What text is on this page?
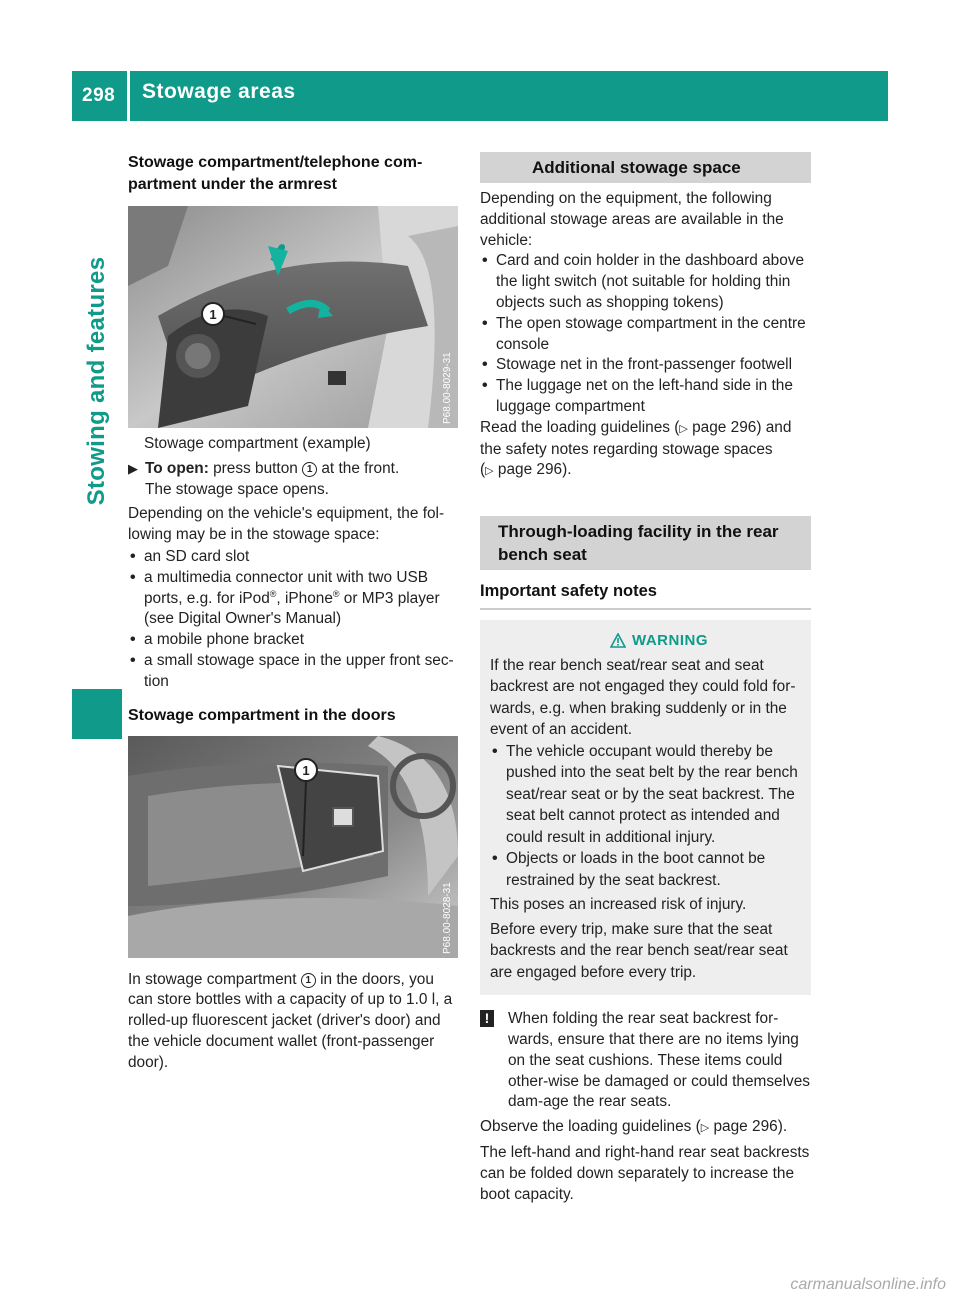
298	Stowage areas
Stowing and features
Stowage compartment/telephone com-
partment under the armrest
1
P68.00-8029-31

Stowage compartment (example)

▶ To open: press button 1 at the front.
The stowage space opens.

Depending on the vehicle's equipment, the fol-
lowing may be in the stowage space:

• an SD card slot
• a multimedia connector unit with two USB ports, e.g. for iPod®, iPhone® or MP3 player (see Digital Owner's Manual)
• a mobile phone bracket
• a small stowage space in the upper front sec-
tion
Stowage compartment in the doors
1
P68.00-8028-31

In stowage compartment 1 in the doors, you can store bottles with a capacity of up to 1.0 l, a rolled-up fluorescent jacket (driver's door) and the vehicle document wallet (front-passenger door).

Additional stowage space

Depending on the equipment, the following additional stowage areas are available in the vehicle:

• Card and coin holder in the dashboard above the light switch (not suitable for holding thin objects such as shopping tokens)
• The open stowage compartment in the centre console
• Stowage net in the front-passenger footwell
• The luggage net on the left-hand side in the luggage compartment

Read the loading guidelines (▷ page 296) and the safety notes regarding stowage spaces (▷ page 296).

Through-loading facility in the rear bench seat
Important safety notes
WARNING

If the rear bench seat/rear seat and seat backrest are not engaged they could fold for-wards, e.g. when braking suddenly or in the event of an accident.

• The vehicle occupant would thereby be pushed into the seat belt by the rear bench seat/rear seat or by the seat backrest. The seat belt cannot protect as intended and could result in additional injury.
• Objects or loads in the boot cannot be restrained by the seat backrest.

This poses an increased risk of injury.

Before every trip, make sure that the seat backrests and the rear bench seat/rear seat are engaged before every trip.

!	When folding the rear seat backrest for-wards, ensure that there are no items lying on the seat cushions. These items could other-wise be damaged or could themselves dam-age the rear seats.

Observe the loading guidelines (▷ page 296).

The left-hand and right-hand rear seat backrests can be folded down separately to increase the boot capacity.

carmanualsonline.info
